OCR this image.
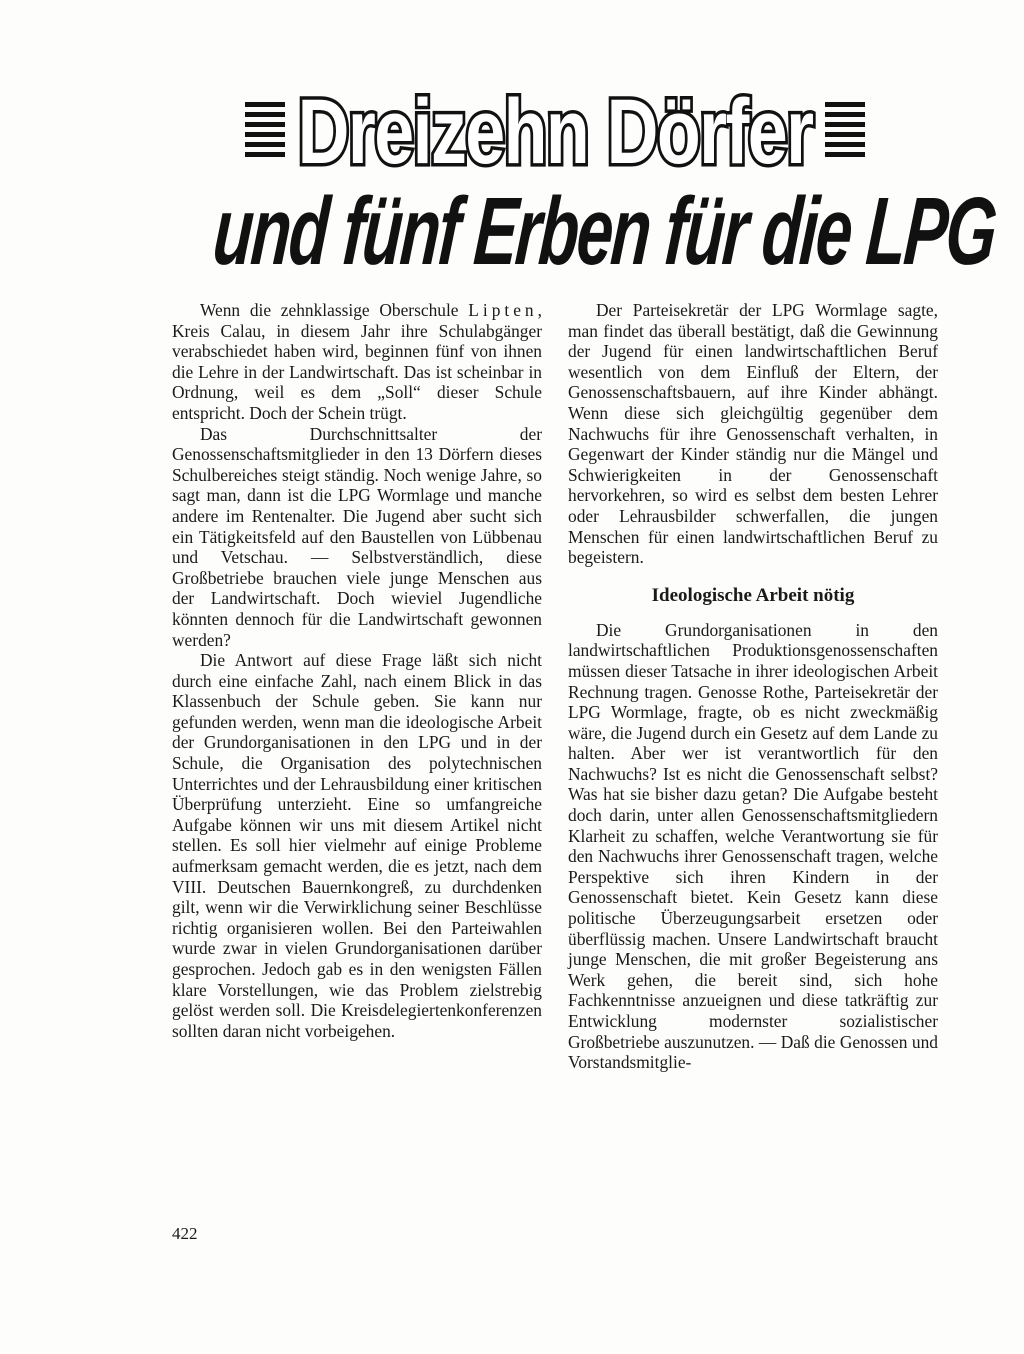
Dreizehn Dörfer
und fünf Erben für die LPG

Wenn die zehnklassige Oberschule Lipten, Kreis Calau, in diesem Jahr ihre Schulabgänger verabschiedet haben wird, beginnen fünf von ihnen die Lehre in der Landwirtschaft. Das ist scheinbar in Ordnung, weil es dem „Soll“ dieser Schule entspricht. Doch der Schein trügt.

Das Durchschnittsalter der Genossenschaftsmitglieder in den 13 Dörfern dieses Schulbereiches steigt ständig. Noch wenige Jahre, so sagt man, dann ist die LPG Wormlage und manche andere im Rentenalter. Die Jugend aber sucht sich ein Tätigkeitsfeld auf den Baustellen von Lübbenau und Vetschau. — Selbstverständlich, diese Großbetriebe brauchen viele junge Menschen aus der Landwirtschaft. Doch wieviel Jugendliche könnten dennoch für die Landwirtschaft gewonnen werden?

Die Antwort auf diese Frage läßt sich nicht durch eine einfache Zahl, nach einem Blick in das Klassenbuch der Schule geben. Sie kann nur gefunden werden, wenn man die ideologische Arbeit der Grundorganisationen in den LPG und in der Schule, die Organisation des polytechnischen Unterrichtes und der Lehrausbildung einer kritischen Überprüfung unterzieht. Eine so umfangreiche Aufgabe können wir uns mit diesem Artikel nicht stellen. Es soll hier vielmehr auf einige Probleme aufmerksam gemacht werden, die es jetzt, nach dem VIII. Deutschen Bauernkongreß, zu durchdenken gilt, wenn wir die Verwirklichung seiner Beschlüsse richtig organisieren wollen. Bei den Parteiwahlen wurde zwar in vielen Grundorganisationen darüber gesprochen. Jedoch gab es in den wenigsten Fällen klare Vorstellungen, wie das Problem zielstrebig gelöst werden soll. Die Kreisdelegiertenkonferenzen sollten daran nicht vorbeigehen.

Der Parteisekretär der LPG Wormlage sagte, man findet das überall bestätigt, daß die Gewinnung der Jugend für einen landwirtschaftlichen Beruf wesentlich von dem Einfluß der Eltern, der Genossenschaftsbauern, auf ihre Kinder abhängt. Wenn diese sich gleichgültig gegenüber dem Nachwuchs für ihre Genossenschaft verhalten, in Gegenwart der Kinder ständig nur die Mängel und Schwierigkeiten in der Genossenschaft hervorkehren, so wird es selbst dem besten Lehrer oder Lehrausbilder schwerfallen, die jungen Menschen für einen landwirtschaftlichen Beruf zu begeistern.

Ideologische Arbeit nötig

Die Grundorganisationen in den landwirtschaftlichen Produktionsgenossenschaften müssen dieser Tatsache in ihrer ideologischen Arbeit Rechnung tragen. Genosse Rothe, Parteisekretär der LPG Wormlage, fragte, ob es nicht zweckmäßig wäre, die Jugend durch ein Gesetz auf dem Lande zu halten. Aber wer ist verantwortlich für den Nachwuchs? Ist es nicht die Genossenschaft selbst? Was hat sie bisher dazu getan? Die Aufgabe besteht doch darin, unter allen Genossenschaftsmitgliedern Klarheit zu schaffen, welche Verantwortung sie für den Nachwuchs ihrer Genossenschaft tragen, welche Perspektive sich ihren Kindern in der Genossenschaft bietet. Kein Gesetz kann diese politische Überzeugungsarbeit ersetzen oder überflüssig machen. Unsere Landwirtschaft braucht junge Menschen, die mit großer Begeisterung ans Werk gehen, die bereit sind, sich hohe Fachkenntnisse anzueignen und diese tatkräftig zur Entwicklung modernster sozialistischer Großbetriebe auszunutzen. — Daß die Genossen und Vorstandsmitglie-

422
